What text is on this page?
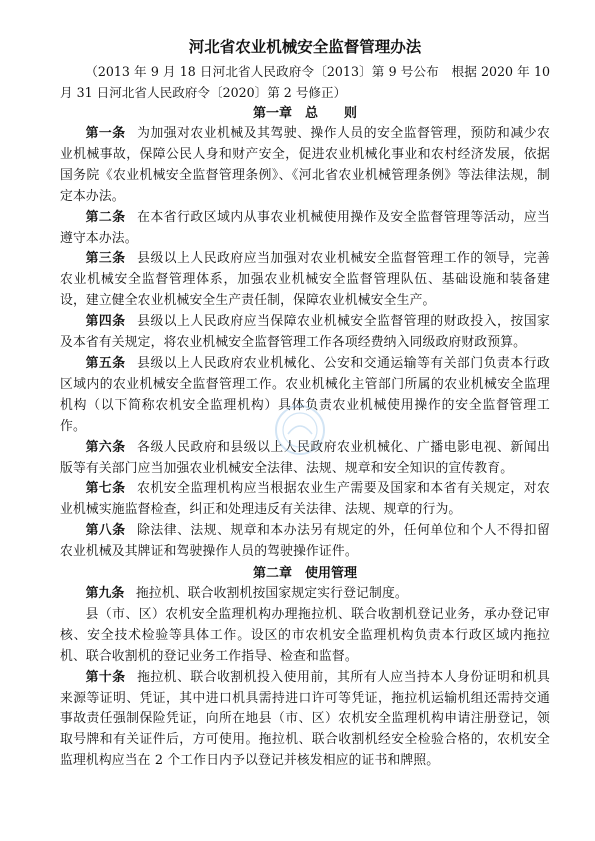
河北省农业机械安全监督管理办法

（2013 年 9 月 18 日河北省人民政府令〔2013〕第 9 号公布　根据 2020 年 10 月 31 日河北省人民政府令〔2020〕第 2 号修正）

第一章　总　　则

第一条 为加强对农业机械及其驾驶、操作人员的安全监督管理，预防和减少农业机械事故，保障公民人身和财产安全，促进农业机械化事业和农村经济发展，依据国务院《农业机械安全监督管理条例》、《河北省农业机械管理条例》等法律法规，制定本办法。

第二条 在本省行政区域内从事农业机械使用操作及安全监督管理等活动，应当遵守本办法。

第三条 县级以上人民政府应当加强对农业机械安全监督管理工作的领导，完善农业机械安全监督管理体系，加强农业机械安全监督管理队伍、基础设施和装备建设，建立健全农业机械安全生产责任制，保障农业机械安全生产。

第四条 县级以上人民政府应当保障农业机械安全监督管理的财政投入，按国家及本省有关规定，将农业机械安全监督管理工作各项经费纳入同级政府财政预算。

第五条 县级以上人民政府农业机械化、公安和交通运输等有关部门负责本行政区域内的农业机械安全监督管理工作。农业机械化主管部门所属的农业机械安全监理机构（以下简称农机安全监理机构）具体负责农业机械使用操作的安全监督管理工作。

第六条 各级人民政府和县级以上人民政府农业机械化、广播电影电视、新闻出版等有关部门应当加强农业机械安全法律、法规、规章和安全知识的宣传教育。

第七条 农机安全监理机构应当根据农业生产需要及国家和本省有关规定，对农业机械实施监督检查，纠正和处理违反有关法律、法规、规章的行为。

第八条 除法律、法规、规章和本办法另有规定的外，任何单位和个人不得扣留农业机械及其牌证和驾驶操作人员的驾驶操作证件。

第二章　使用管理

第九条 拖拉机、联合收割机按国家规定实行登记制度。

县（市、区）农机安全监理机构办理拖拉机、联合收割机登记业务，承办登记审核、安全技术检验等具体工作。设区的市农机安全监理机构负责本行政区域内拖拉机、联合收割机的登记业务工作指导、检查和监督。

第十条 拖拉机、联合收割机投入使用前，其所有人应当持本人身份证明和机具来源等证明、凭证，其中进口机具需持进口许可等凭证，拖拉机运输机组还需持交通事故责任强制保险凭证，向所在地县（市、区）农机安全监理机构申请注册登记，领取号牌和有关证件后，方可使用。拖拉机、联合收割机经安全检验合格的，农机安全监理机构应当在 2 个工作日内予以登记并核发相应的证书和牌照。
